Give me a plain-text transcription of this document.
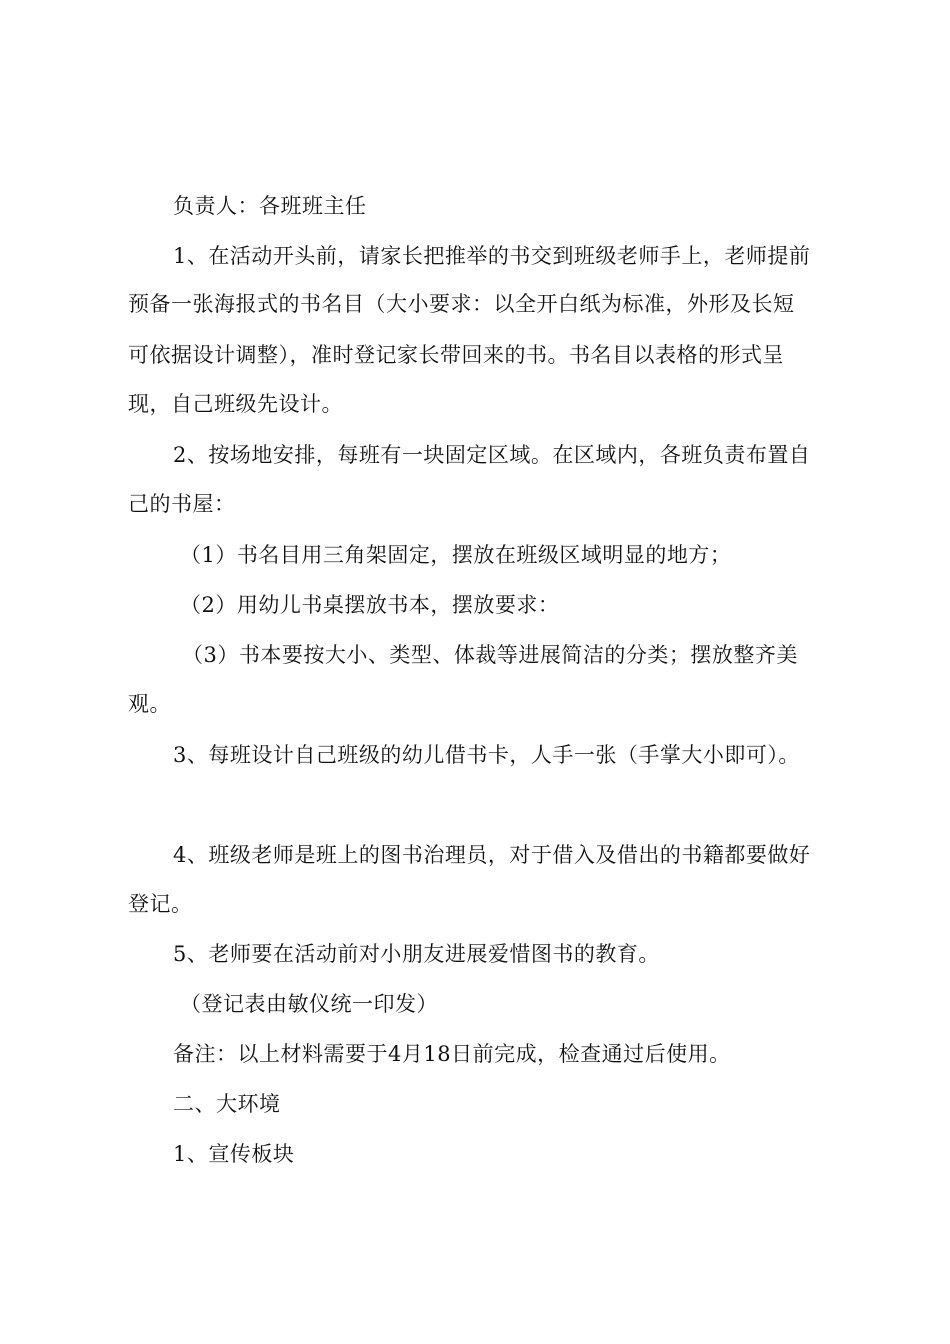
负责人：各班班主任
1、在活动开头前，请家长把推举的书交到班级老师手上，老师提前
预备一张海报式的书名目（大小要求：以全开白纸为标准，外形及长短
可依据设计调整），准时登记家长带回来的书。书名目以表格的形式呈
现，自己班级先设计。
2、按场地安排，每班有一块固定区域。在区域内，各班负责布置自
己的书屋：
（1）书名目用三角架固定，摆放在班级区域明显的地方；
（2）用幼儿书桌摆放书本，摆放要求：
（3）书本要按大小、类型、体裁等进展简洁的分类；摆放整齐美
观。
3、每班设计自己班级的幼儿借书卡，人手一张（手掌大小即可）。
4、班级老师是班上的图书治理员，对于借入及借出的书籍都要做好
登记。
5、老师要在活动前对小朋友进展爱惜图书的教育。
（登记表由敏仪统一印发）
备注：以上材料需要于4月18日前完成，检查通过后使用。
二、大环境
1、宣传板块
